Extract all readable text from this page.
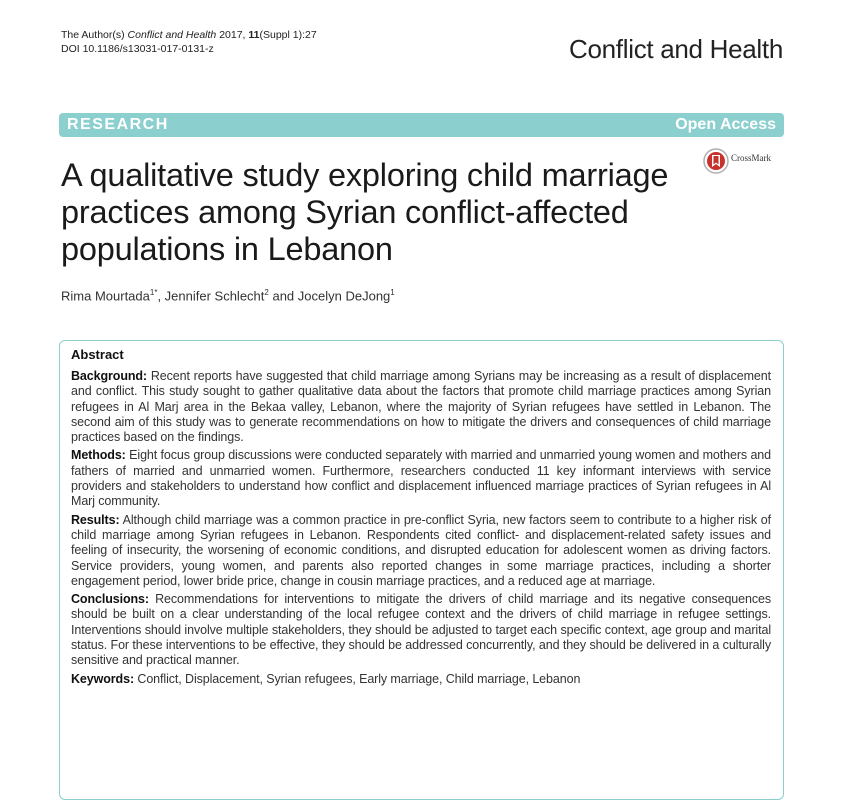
The Author(s) Conflict and Health 2017, 11(Suppl 1):27
DOI 10.1186/s13031-017-0131-z	Conflict and Health
RESEARCH	Open Access
A qualitative study exploring child marriage practices among Syrian conflict-affected populations in Lebanon
CrossMark
Rima Mourtada$^{1*}$, Jennifer Schlecht$^2$ and Jocelyn DeJong$^1$
Abstract

Background: Recent reports have suggested that child marriage among Syrians may be increasing as a result of displacement and conflict. This study sought to gather qualitative data about the factors that promote child marriage practices among Syrian refugees in Al Marj area in the Bekaa valley, Lebanon, where the majority of Syrian refugees have settled in Lebanon. The second aim of this study was to generate recommendations on how to mitigate the drivers and consequences of child marriage practices based on the findings.

Methods: Eight focus group discussions were conducted separately with married and unmarried young women and mothers and fathers of married and unmarried women. Furthermore, researchers conducted 11 key informant interviews with service providers and stakeholders to understand how conflict and displacement influenced marriage practices of Syrian refugees in Al Marj community.

Results: Although child marriage was a common practice in pre-conflict Syria, new factors seem to contribute to a higher risk of child marriage among Syrian refugees in Lebanon. Respondents cited conflict- and displacement-related safety issues and feeling of insecurity, the worsening of economic conditions, and disrupted education for adolescent women as driving factors. Service providers, young women, and parents also reported changes in some marriage practices, including a shorter engagement period, lower bride price, change in cousin marriage practices, and a reduced age at marriage.

Conclusions: Recommendations for interventions to mitigate the drivers of child marriage and its negative consequences should be built on a clear understanding of the local refugee context and the drivers of child marriage in refugee settings. Interventions should involve multiple stakeholders, they should be adjusted to target each specific context, age group and marital status. For these interventions to be effective, they should be addressed concurrently, and they should be delivered in a culturally sensitive and practical manner.

Keywords: Conflict, Displacement, Syrian refugees, Early marriage, Child marriage, Lebanon
